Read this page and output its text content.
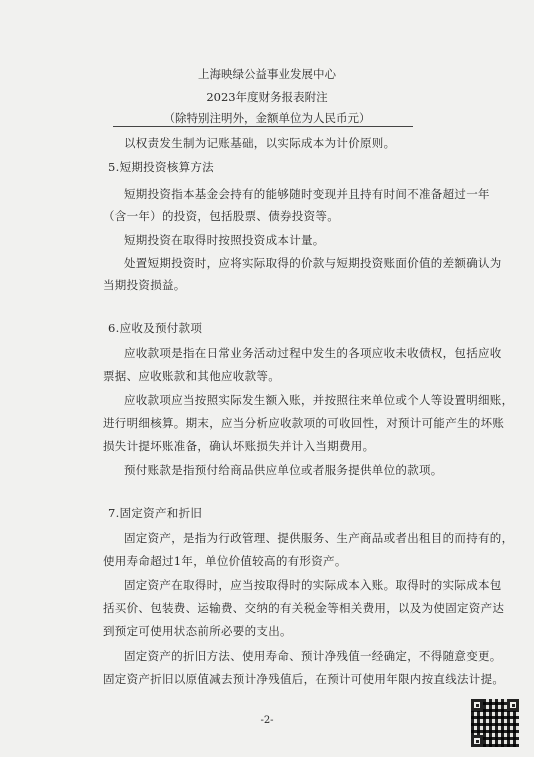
上海映绿公益事业发展中心
2023年度财务报表附注
（除特别注明外，金额单位为人民币元）
以权责发生制为记账基础，以实际成本为计价原则。
5.短期投资核算方法
短期投资指本基金会持有的能够随时变现并且持有时间不准备超过一年
（含一年）的投资，包括股票、债券投资等。
短期投资在取得时按照投资成本计量。
处置短期投资时，应将实际取得的价款与短期投资账面价值的差额确认为
当期投资损益。
6.应收及预付款项
应收款项是指在日常业务活动过程中发生的各项应收未收债权，包括应收
票据、应收账款和其他应收款等。
应收款项应当按照实际发生额入账，并按照往来单位或个人等设置明细账，
进行明细核算。期末，应当分析应收款项的可收回性，对预计可能产生的坏账
损失计提坏账准备，确认坏账损失并计入当期费用。
预付账款是指预付给商品供应单位或者服务提供单位的款项。
7.固定资产和折旧
固定资产，是指为行政管理、提供服务、生产商品或者出租目的而持有的，
使用寿命超过1年，单位价值较高的有形资产。
固定资产在取得时，应当按取得时的实际成本入账。取得时的实际成本包
括买价、包装费、运输费、交纳的有关税金等相关费用，以及为使固定资产达
到预定可使用状态前所必要的支出。
固定资产的折旧方法、使用寿命、预计净残值一经确定，不得随意变更。
固定资产折旧以原值减去预计净残值后，在预计可使用年限内按直线法计提。
-2-
